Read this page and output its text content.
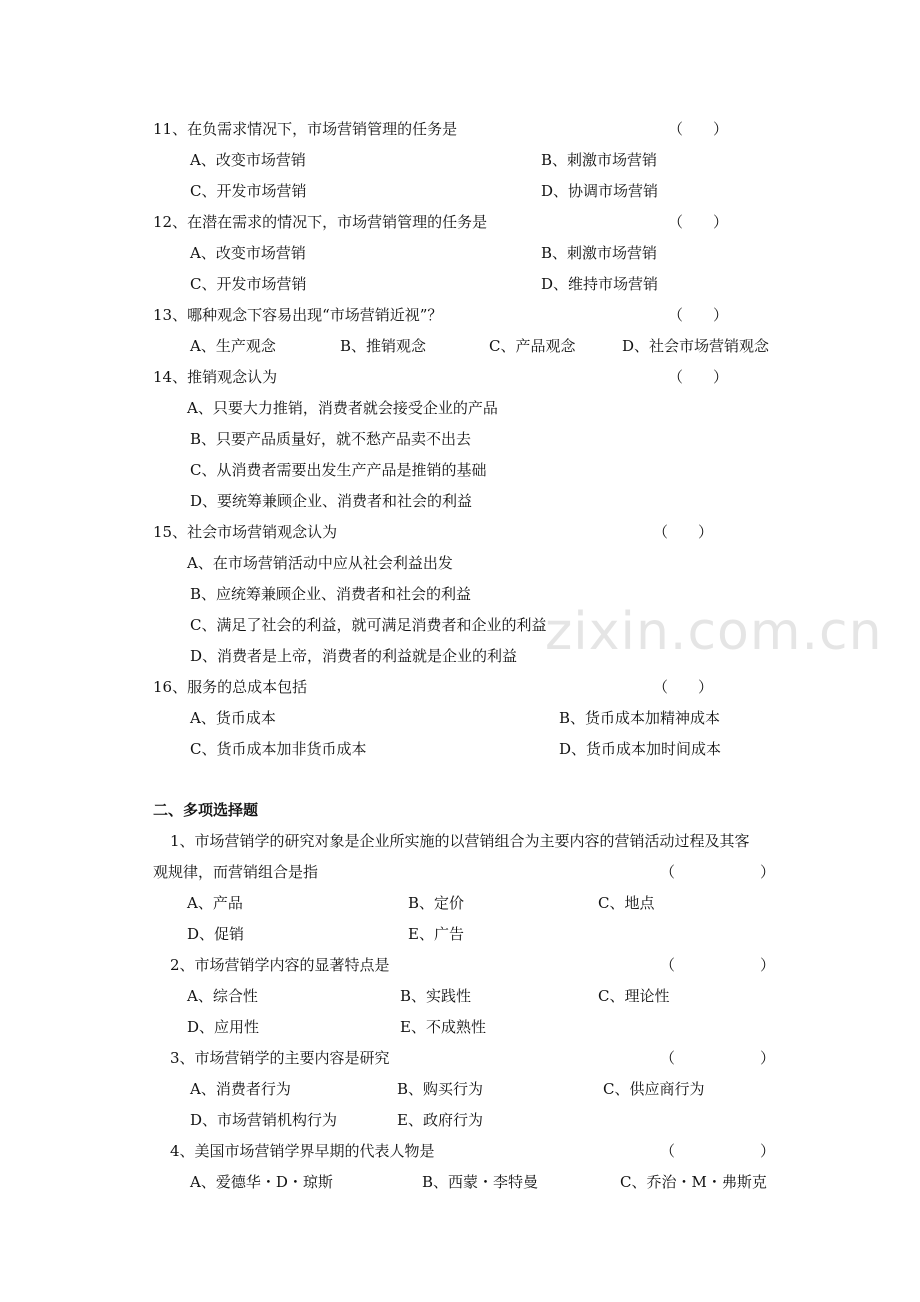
11、在负需求情况下，市场营销管理的任务是	（　　）
A、改变市场营销	B、刺激市场营销
C、开发市场营销	D、协调市场营销
12、在潜在需求的情况下，市场营销管理的任务是	（　　）
A、改变市场营销	B、刺激市场营销
C、开发市场营销	D、维持市场营销
13、哪种观念下容易出现“市场营销近视”？	（　　）
A、生产观念	B、推销观念	C、产品观念	D、社会市场营销观念
14、推销观念认为	（　　）
A、只要大力推销，消费者就会接受企业的产品
B、只要产品质量好，就不愁产品卖不出去
C、从消费者需要出发生产产品是推销的基础
D、要统筹兼顾企业、消费者和社会的利益
15、社会市场营销观念认为	（　　）
A、在市场营销活动中应从社会利益出发
B、应统筹兼顾企业、消费者和社会的利益
C、满足了社会的利益，就可满足消费者和企业的利益
D、消费者是上帝，消费者的利益就是企业的利益
16、服务的总成本包括	（　　）
A、货币成本	B、货币成本加精神成本
C、货币成本加非货币成本	D、货币成本加时间成本
二、多项选择题
1、市场营销学的研究对象是企业所实施的以营销组合为主要内容的营销活动过程及其客
观规律，而营销组合是指	（	）
A、产品	B、定价	C、地点
D、促销	E、广告
2、市场营销学内容的显著特点是	（	）
A、综合性	B、实践性	C、理论性
D、应用性	E、不成熟性
3、市场营销学的主要内容是研究	（	）
A、消费者行为	B、购买行为	C、供应商行为
D、市场营销机构行为	E、政府行为
4、美国市场营销学界早期的代表人物是	（	）
A、爱德华・D・琼斯	B、西蒙・李特曼	C、乔治・M・弗斯克
zixin.com.cn
